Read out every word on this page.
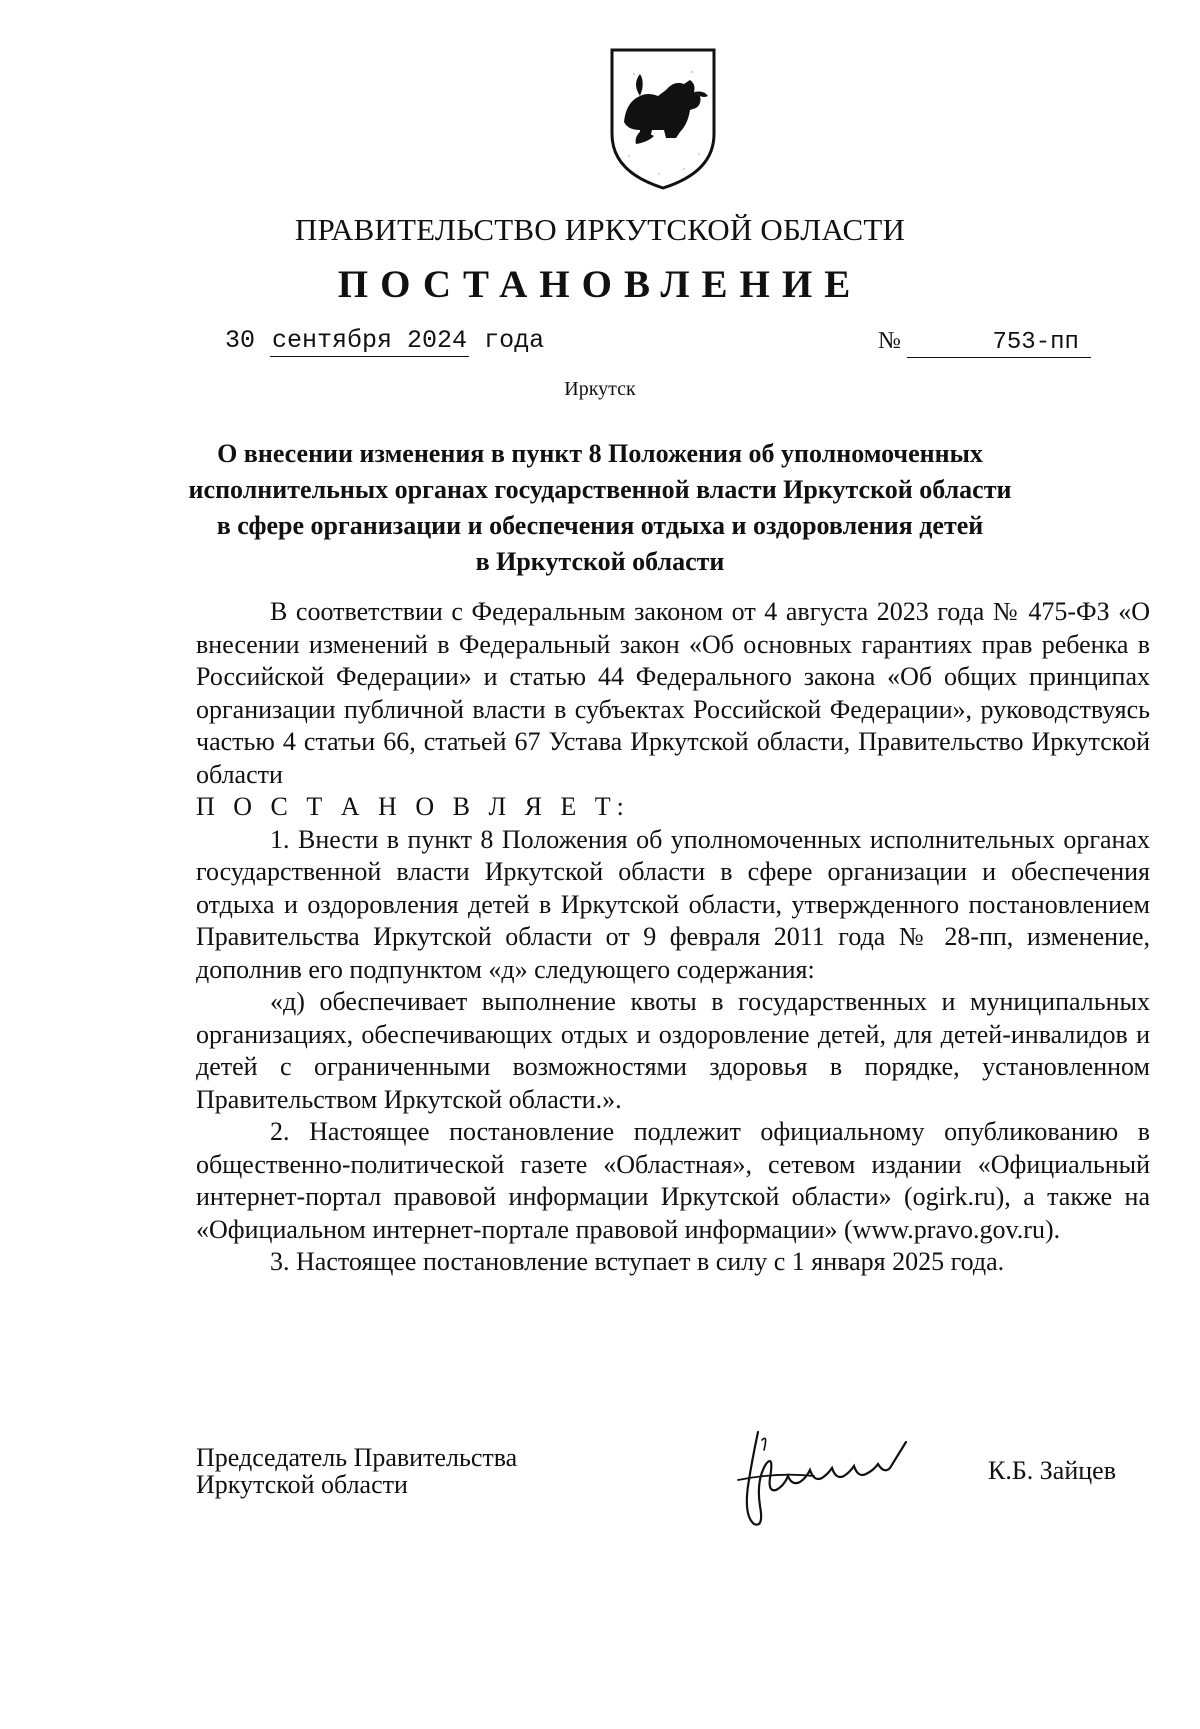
ПРАВИТЕЛЬСТВО ИРКУТСКОЙ ОБЛАСТИ
ПОСТАНОВЛЕНИЕ
30 сентября 2024 года	№	753-пп
Иркутск
О внесении изменения в пункт 8 Положения об уполномоченных
исполнительных органах государственной власти Иркутской области
в сфере организации и обеспечения отдыха и оздоровления детей
в Иркутской области

В соответствии с Федеральным законом от 4 августа 2023 года № 475-ФЗ «О внесении изменений в Федеральный закон «Об основных гарантиях прав ребенка в Российской Федерации» и статью 44 Федерального закона «Об общих принципах организации публичной власти в субъектах Российской Федерации», руководствуясь частью 4 статьи 66, статьей 67 Устава Иркутской области, Правительство Иркутской области

П О С Т А Н О В Л Я Е Т:

1. Внести в пункт 8 Положения об уполномоченных исполнительных органах государственной власти Иркутской области в сфере организации и обеспечения отдыха и оздоровления детей в Иркутской области, утвержденного постановлением Правительства Иркутской области от 9 февраля 2011 года № 28-пп, изменение, дополнив его подпунктом «д» следующего содержания:

«д) обеспечивает выполнение квоты в государственных и муниципальных организациях, обеспечивающих отдых и оздоровление детей, для детей-инвалидов и детей с ограниченными возможностями здоровья в порядке, установленном Правительством Иркутской области.».

2. Настоящее постановление подлежит официальному опубликованию в общественно-политической газете «Областная», сетевом издании «Официальный интернет-портал правовой информации Иркутской области» (ogirk.ru), а также на «Официальном интернет-портале правовой информации» (www.pravo.gov.ru).

3. Настоящее постановление вступает в силу с 1 января 2025 года.

Председатель Правительства
Иркутской области	К.Б. Зайцев
